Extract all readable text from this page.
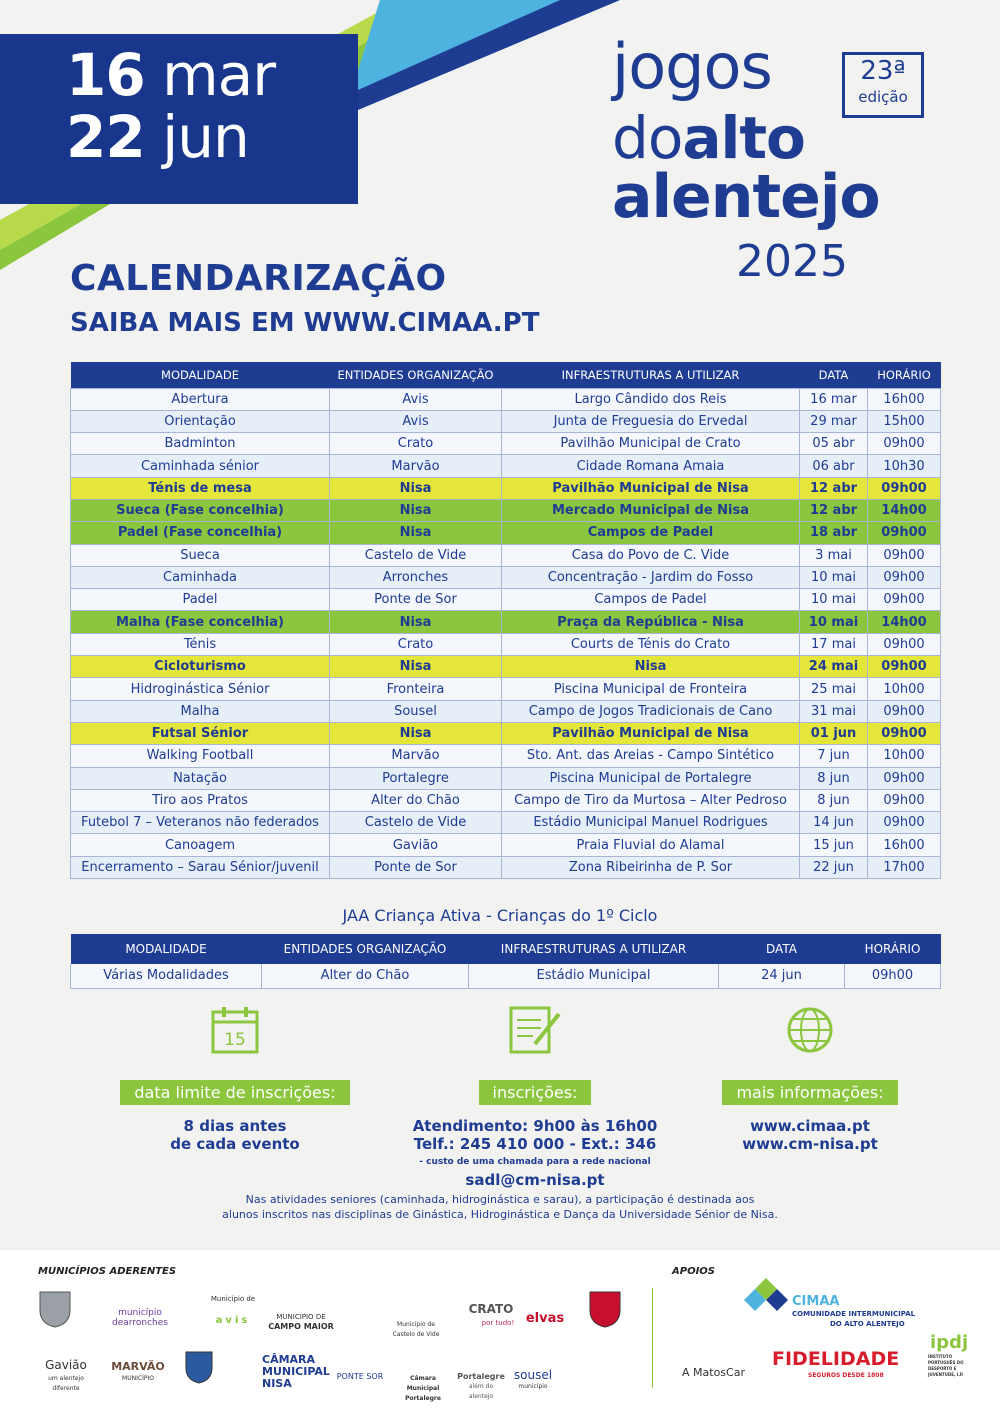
16 mar
22 jun
jogos	23ª
edição
doalto
alentejo
2025
CALENDARIZAÇÃO
SAIBA MAIS EM WWW.CIMAA.PT
MODALIDADE	ENTIDADES ORGANIZAÇÃO	INFRAESTRUTURAS A UTILIZAR	DATA	HORÁRIO
Abertura	Avis	Largo Cândido dos Reis	16 mar	16h00
Orientação	Avis	Junta de Freguesia do Ervedal	29 mar	15h00
Badminton	Crato	Pavilhão Municipal de Crato	05 abr	09h00
Caminhada sénior	Marvão	Cidade Romana Amaia	06 abr	10h30
Ténis de mesa	Nisa	Pavilhão Municipal de Nisa	12 abr	09h00
Sueca (Fase concelhia)	Nisa	Mercado Municipal de Nisa	12 abr	14h00
Padel (Fase concelhia)	Nisa	Campos de Padel	18 abr	09h00
Sueca	Castelo de Vide	Casa do Povo de C. Vide	3 mai	09h00
Caminhada	Arronches	Concentração - Jardim do Fosso	10 mai	09h00
Padel	Ponte de Sor	Campos de Padel	10 mai	09h00
Malha (Fase concelhia)	Nisa	Praça da República - Nisa	10 mai	14h00
Ténis	Crato	Courts de Ténis do Crato	17 mai	09h00
Cicloturismo	Nisa	Nisa	24 mai	09h00
Hidroginástica Sénior	Fronteira	Piscina Municipal de Fronteira	25 mai	10h00
Malha	Sousel	Campo de Jogos Tradicionais de Cano	31 mai	09h00
Futsal Sénior	Nisa	Pavilhão Municipal de Nisa	01 jun	09h00
Walking Football	Marvão	Sto. Ant. das Areias - Campo Sintético	7 jun	10h00
Natação	Portalegre	Piscina Municipal de Portalegre	8 jun	09h00
Tiro aos Pratos	Alter do Chão	Campo de Tiro da Murtosa – Alter Pedroso	8 jun	09h00
Futebol 7 – Veteranos não federados	Castelo de Vide	Estádio Municipal Manuel Rodrigues	14 jun	09h00
Canoagem	Gavião	Praia Fluvial do Alamal	15 jun	16h00
Encerramento – Sarau Sénior/juvenil	Ponte de Sor	Zona Ribeirinha de P. Sor	22 jun	17h00
JAA Criança Ativa - Crianças do 1º Ciclo
MODALIDADE	ENTIDADES ORGANIZAÇÃO	INFRAESTRUTURAS A UTILIZAR	DATA	HORÁRIO
Várias Modalidades	Alter do Chão	Estádio Municipal	24 jun	09h00
15
data limite de inscrições:
8 dias antes
de cada evento
inscrições:
Atendimento: 9h00 às 16h00
Telf.: 245 410 000 - Ext.: 346
- custo de uma chamada para a rede nacional
sadl@cm-nisa.pt
mais informações:
www.cimaa.pt
www.cm-nisa.pt
Nas atividades seniores (caminhada, hidroginástica e sarau), a participação é destinada aos
alunos inscritos nas disciplinas de Ginástica, Hidroginástica e Dança da Universidade Sénior de Nisa.
MUNICÍPIOS ADERENTES	APOIOS
município dearronches
Município de
avis	MUNICÍPIO DE
CAMPO MAIOR	Município de Castelo de Vide
CRATO
por tudo! elvas
Gavião
um alentejo diferente
MARVÃO
MUNICÍPIO
CÂMARA
MUNICIPAL
NISA
PONTE SOR	Câmara Municipal
Portalegre
Portalegre
além do alentejo
sousel
município
CIMAA
COMUNIDADE INTERMUNICIPAL
DO ALTO ALENTEJO
A MatosCar
FIDELIDADE
SEGUROS DESDE 1808
ipdj
INSTITUTO PORTUGUÊS DO DESPORTO E JUVENTUDE, I.P.
